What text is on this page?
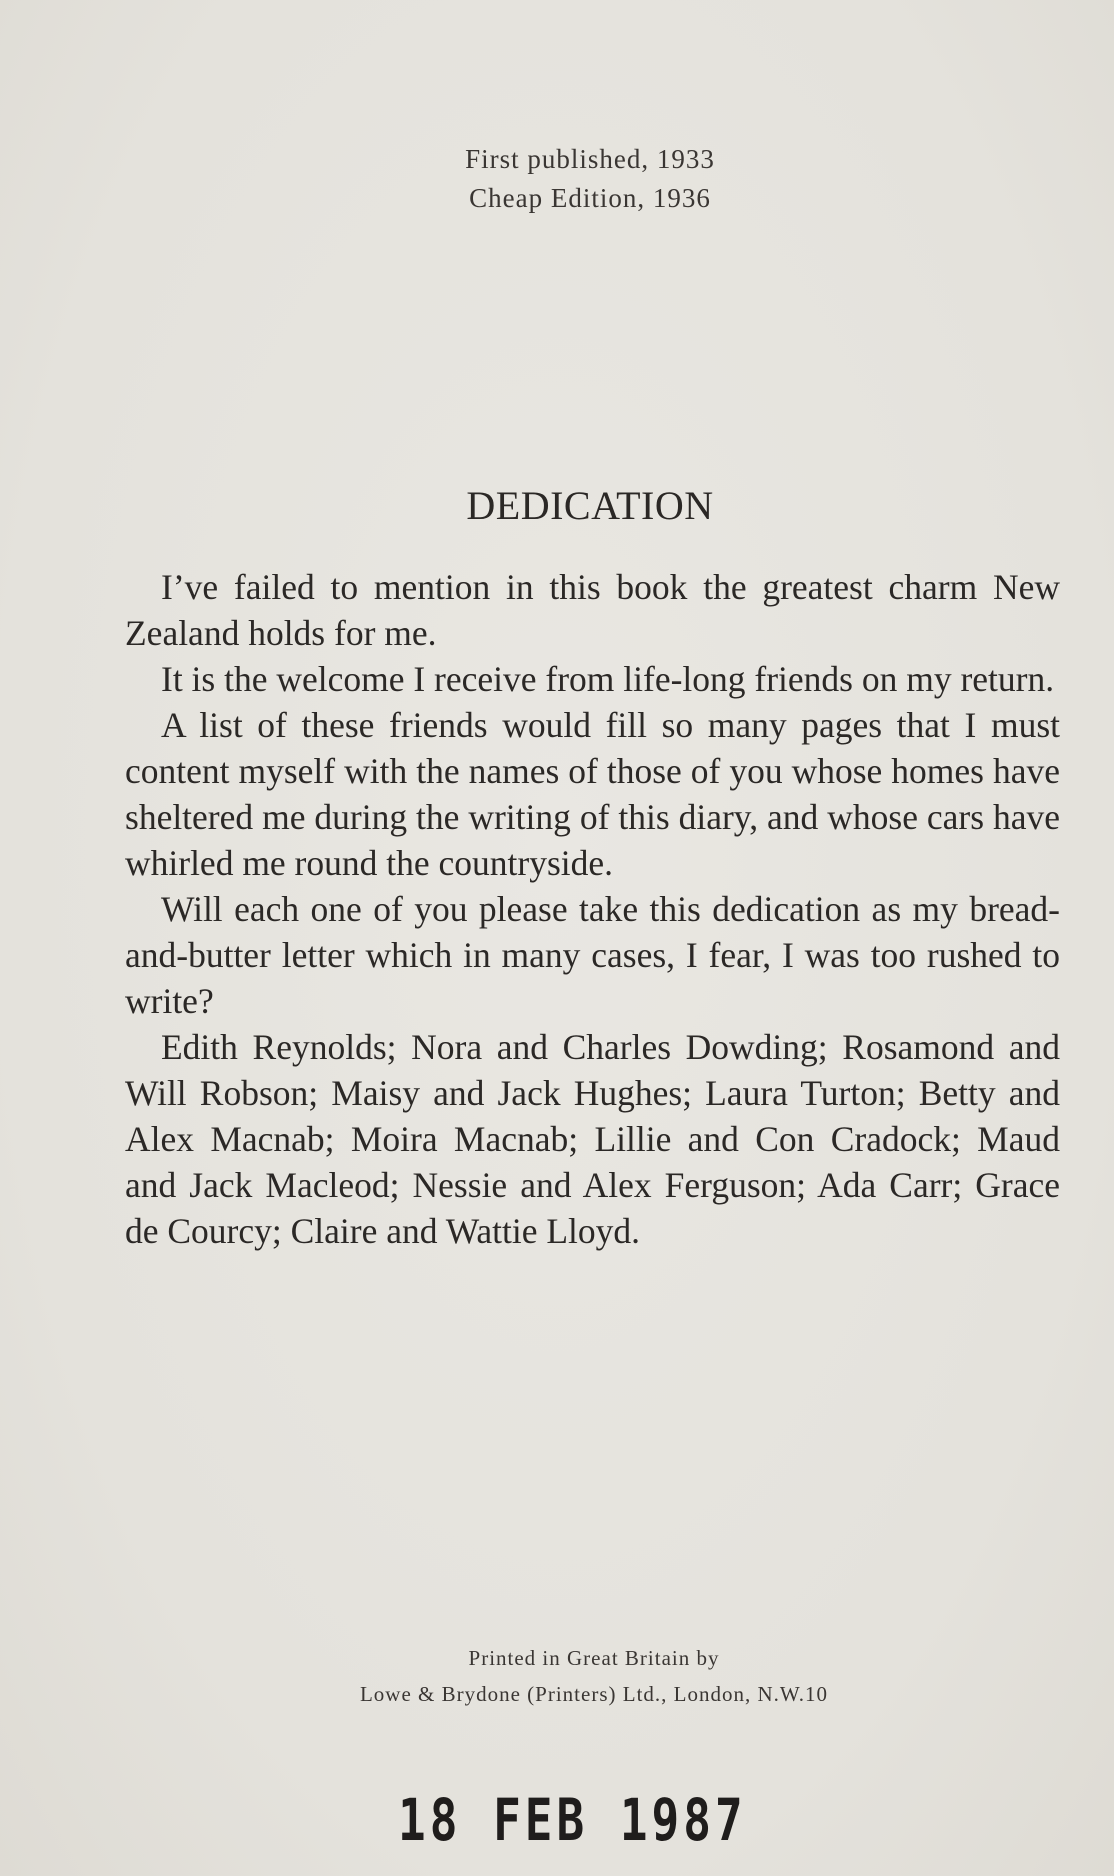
First published, 1933
Cheap Edition, 1936
DEDICATION

I’ve failed to mention in this book the greatest charm New Zealand holds for me.

It is the welcome I receive from life-long friends on my return.

A list of these friends would fill so many pages that I must content myself with the names of those of you whose homes have sheltered me during the writing of this diary, and whose cars have whirled me round the countryside.

Will each one of you please take this dedication as my bread-and-butter letter which in many cases, I fear, I was too rushed to write?

Edith Reynolds; Nora and Charles Dowding; Rosamond and Will Robson; Maisy and Jack Hughes; Laura Turton; Betty and Alex Macnab; Moira Macnab; Lillie and Con Cradock; Maud and Jack Macleod; Nessie and Alex Ferguson; Ada Carr; Grace de Courcy; Claire and Wattie Lloyd.

Printed in Great Britain by
Lowe & Brydone (Printers) Ltd., London, N.W.10
18 FEB 1987
